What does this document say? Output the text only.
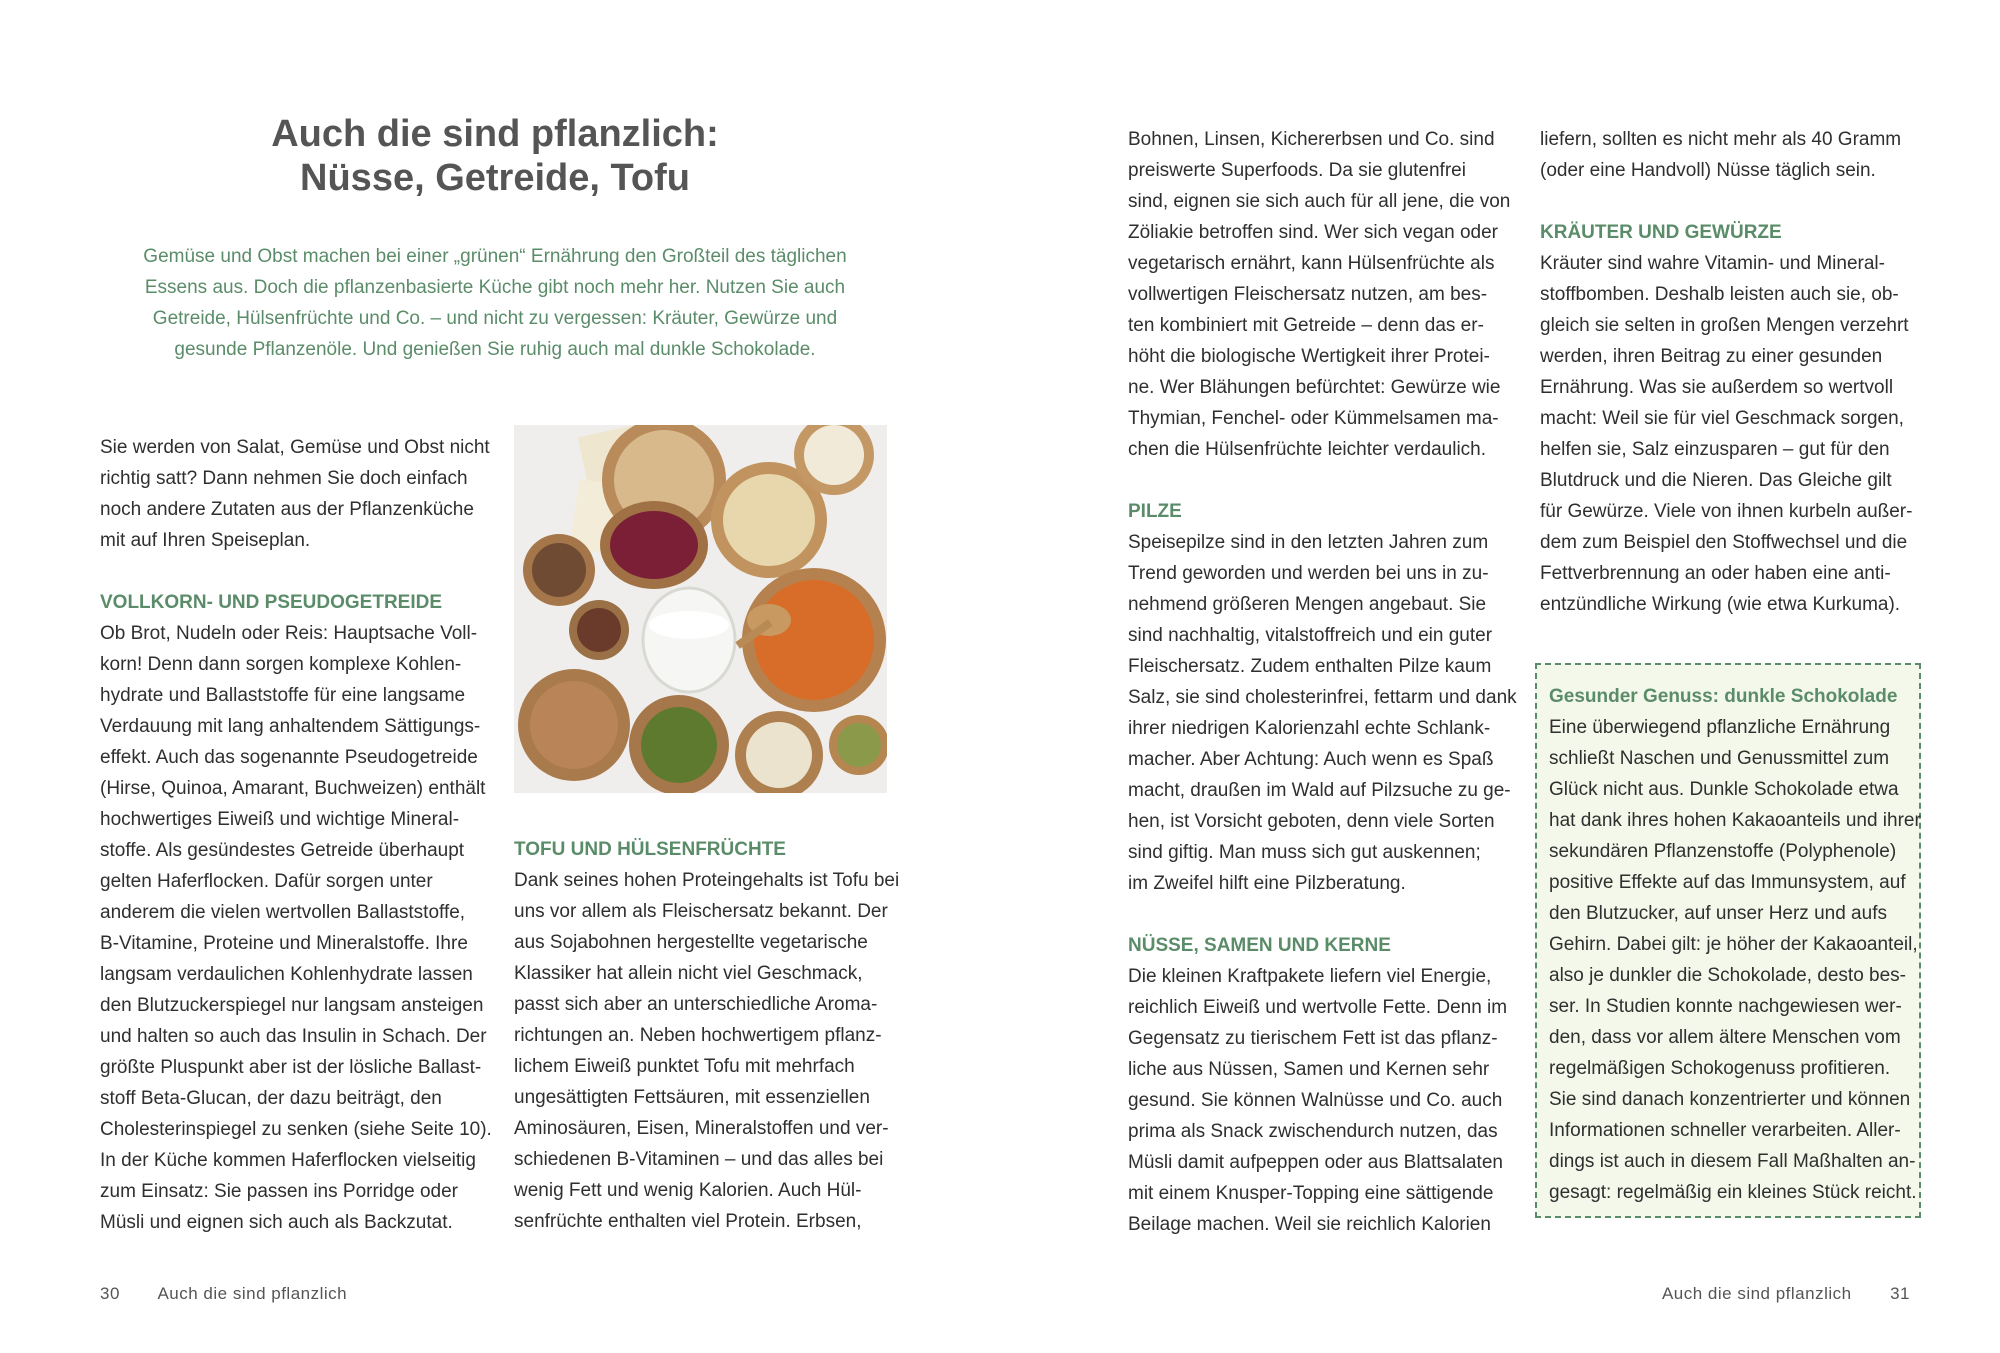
Auch die sind pflanzlich:
Nüsse, Getreide, Tofu

Gemüse und Obst machen bei einer „grünen“ Ernährung den Großteil des täglichen Essens aus. Doch die pflanzenbasierte Küche gibt noch mehr her. Nutzen Sie auch Getreide, Hülsenfrüchte und Co. – und nicht zu vergessen: Kräuter, Gewürze und gesunde Pflanzenöle. Und genießen Sie ruhig auch mal dunkle Schokolade.

Sie werden von Salat, Gemüse und Obst nicht
richtig satt? Dann nehmen Sie doch einfach
noch andere Zutaten aus der Pflanzenküche
mit auf Ihren Speiseplan.

VOLLKORN- UND PSEUDOGETREIDE

Ob Brot, Nudeln oder Reis: Hauptsache Voll-
korn! Denn dann sorgen komplexe Kohlen-
hydrate und Ballaststoffe für eine langsame
Verdauung mit lang anhaltendem Sättigungs-
effekt. Auch das sogenannte Pseudogetreide
(Hirse, Quinoa, Amarant, Buchweizen) enthält
hochwertiges Eiweiß und wichtige Mineral-
stoffe. Als gesündestes Getreide überhaupt
gelten Haferflocken. Dafür sorgen unter
anderem die vielen wertvollen Ballaststoffe,
B-Vitamine, Proteine und Mineralstoffe. Ihre
langsam verdaulichen Kohlenhydrate lassen
den Blutzuckerspiegel nur langsam ansteigen
und halten so auch das Insulin in Schach. Der
größte Pluspunkt aber ist der lösliche Ballast-
stoff Beta-Glucan, der dazu beiträgt, den
Cholesterinspiegel zu senken (siehe Seite 10).
In der Küche kommen Haferflocken vielseitig
zum Einsatz: Sie passen ins Porridge oder
Müsli und eignen sich auch als Backzutat.

TOFU UND HÜLSENFRÜCHTE

Dank seines hohen Proteingehalts ist Tofu bei
uns vor allem als Fleischersatz bekannt. Der
aus Sojabohnen hergestellte vegetarische
Klassiker hat allein nicht viel Geschmack,
passt sich aber an unterschiedliche Aroma-
richtungen an. Neben hochwertigem pflanz-
lichem Eiweiß punktet Tofu mit mehrfach
ungesättigten Fettsäuren, mit essenziellen
Aminosäuren, Eisen, Mineralstoffen und ver-
schiedenen B-Vitaminen – und das alles bei
wenig Fett und wenig Kalorien. Auch Hül-
senfrüchte enthalten viel Protein. Erbsen,
30 Auch die sind pflanzlich
Bohnen, Linsen, Kichererbsen und Co. sind
preiswerte Superfoods. Da sie glutenfrei
sind, eignen sie sich auch für all jene, die von
Zöliakie betroffen sind. Wer sich vegan oder
vegetarisch ernährt, kann Hülsenfrüchte als
vollwertigen Fleischersatz nutzen, am bes-
ten kombiniert mit Getreide – denn das er-
höht die biologische Wertigkeit ihrer Protei-
ne. Wer Blähungen befürchtet: Gewürze wie
Thymian, Fenchel- oder Kümmelsamen ma-
chen die Hülsenfrüchte leichter verdaulich.

PILZE

Speisepilze sind in den letzten Jahren zum
Trend geworden und werden bei uns in zu-
nehmend größeren Mengen angebaut. Sie
sind nachhaltig, vitalstoffreich und ein guter
Fleischersatz. Zudem enthalten Pilze kaum
Salz, sie sind cholesterinfrei, fettarm und dank
ihrer niedrigen Kalorienzahl echte Schlank-
macher. Aber Achtung: Auch wenn es Spaß
macht, draußen im Wald auf Pilzsuche zu ge-
hen, ist Vorsicht geboten, denn viele Sorten
sind giftig. Man muss sich gut auskennen;
im Zweifel hilft eine Pilzberatung.

NÜSSE, SAMEN UND KERNE

Die kleinen Kraftpakete liefern viel Energie,
reichlich Eiweiß und wertvolle Fette. Denn im
Gegensatz zu tierischem Fett ist das pflanz-
liche aus Nüssen, Samen und Kernen sehr
gesund. Sie können Walnüsse und Co. auch
prima als Snack zwischendurch nutzen, das
Müsli damit aufpeppen oder aus Blattsalaten
mit einem Knusper-Topping eine sättigende
Beilage machen. Weil sie reichlich Kalorien
liefern, sollten es nicht mehr als 40 Gramm
(oder eine Handvoll) Nüsse täglich sein.

KRÄUTER UND GEWÜRZE

Kräuter sind wahre Vitamin- und Mineral-
stoffbomben. Deshalb leisten auch sie, ob-
gleich sie selten in großen Mengen verzehrt
werden, ihren Beitrag zu einer gesunden
Ernährung. Was sie außerdem so wertvoll
macht: Weil sie für viel Geschmack sorgen,
helfen sie, Salz einzusparen – gut für den
Blutdruck und die Nieren. Das Gleiche gilt
für Gewürze. Viele von ihnen kurbeln außer-
dem zum Beispiel den Stoffwechsel und die
Fettverbrennung an oder haben eine anti-
entzündliche Wirkung (wie etwa Kurkuma).
Auch die sind pflanzlich 31

Gesunder Genuss: dunkle Schokolade

Eine überwiegend pflanzliche Ernährung
schließt Naschen und Genussmittel zum
Glück nicht aus. Dunkle Schokolade etwa
hat dank ihres hohen Kakaoanteils und ihrer
sekundären Pflanzenstoffe (Polyphenole)
positive Effekte auf das Immunsystem, auf
den Blutzucker, auf unser Herz und aufs
Gehirn. Dabei gilt: je höher der Kakaoanteil,
also je dunkler die Schokolade, desto bes-
ser. In Studien konnte nachgewiesen wer-
den, dass vor allem ältere Menschen vom
regelmäßigen Schokogenuss profitieren.
Sie sind danach konzentrierter und können
Informationen schneller verarbeiten. Aller-
dings ist auch in diesem Fall Maßhalten an-
gesagt: regelmäßig ein kleines Stück reicht.
